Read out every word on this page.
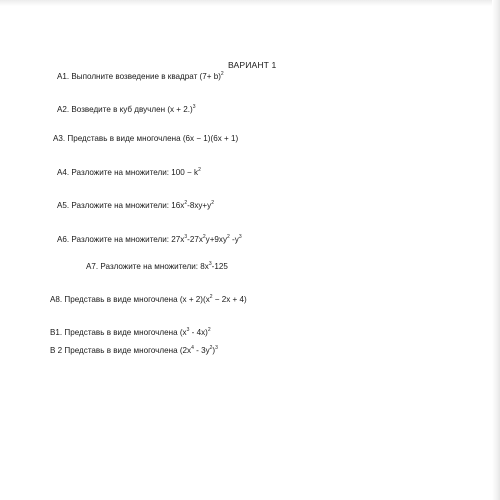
ВАРИАНТ 1
А1. Выполните возведение в квадрат $(7+ b)^2$
А2. Возведите в куб двучлен $(х + 2.)^3$
А3. Представь в виде многочлена (6х − 1)(6х + 1)
А4. Разложите на множители: $100 - k^2$
А5. Разложите на множители: $16х^2-8ху+у^2$
А6. Разложите на множители: $27х^3-27х^2у+9ху^2$ $-у^3$
А7. Разложите на множители: $8х^3-125$
А8. Представь в виде многочлена $(х + 2)(х^2 - 2х + 4)$
В1. Представь в виде многочлена $(х^3 - 4х)^2$
В 2 Представь в виде многочлена $(2х^4 - 3у^2)^3$
